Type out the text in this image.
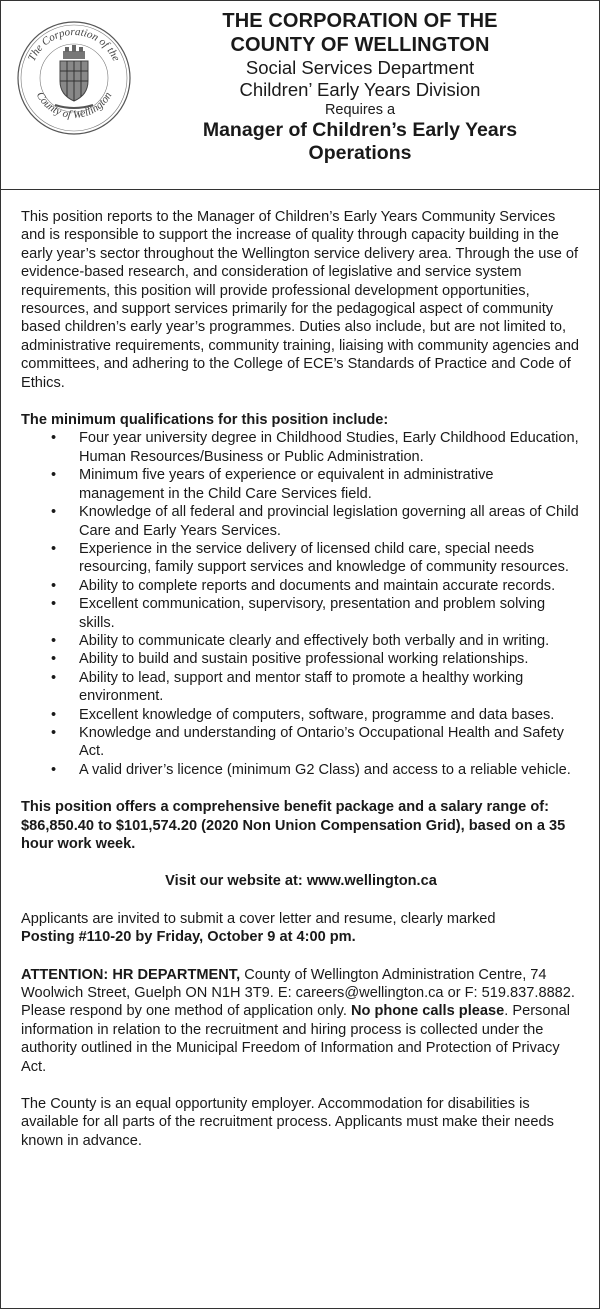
The Corporation of the
County of Wellington
THE CORPORATION OF THE
COUNTY OF WELLINGTON
Social Services Department
Children’ Early Years Division
Requires a
Manager of Children’s Early Years
Operations

This position reports to the Manager of Children’s Early Years Community Services and is responsible to support the increase of quality through capacity building in the early year’s sector throughout the Wellington service delivery area. Through the use of evidence-based research, and consideration of legislative and service system requirements, this position will provide professional development opportunities, resources, and support services primarily for the pedagogical aspect of community based children’s early year’s programmes. Duties also include, but are not limited to, administrative requirements, community training, liaising with community agencies and committees, and adhering to the College of ECE’s Standards of Practice and Code of Ethics.

The minimum qualifications for this position include:

• Four year university degree in Childhood Studies, Early Childhood Education, Human Resources/Business or Public Administration.
• Minimum five years of experience or equivalent in administrative management in the Child Care Services field.
• Knowledge of all federal and provincial legislation governing all areas of Child Care and Early Years Services.
• Experience in the service delivery of licensed child care, special needs resourcing, family support services and knowledge of community resources.
• Ability to complete reports and documents and maintain accurate records.
• Excellent communication, supervisory, presentation and problem solving skills.
• Ability to communicate clearly and effectively both verbally and in writing.
• Ability to build and sustain positive professional working relationships.
• Ability to lead, support and mentor staff to promote a healthy working environment.
• Excellent knowledge of computers, software, programme and data bases.
• Knowledge and understanding of Ontario’s Occupational Health and Safety Act.
• A valid driver’s licence (minimum G2 Class) and access to a reliable vehicle.

This position offers a comprehensive benefit package and a salary range of: $86,850.40 to $101,574.20 (2020 Non Union Compensation Grid), based on a 35 hour work week.

Visit our website at: www.wellington.ca

Applicants are invited to submit a cover letter and resume, clearly marked
Posting #110-20 by Friday, October 9 at 4:00 pm.

ATTENTION: HR DEPARTMENT, County of Wellington Administration Centre, 74 Woolwich Street, Guelph ON N1H 3T9. E: careers@wellington.ca or F: 519.837.8882. Please respond by one method of application only. No phone calls please. Personal information in relation to the recruitment and hiring process is collected under the authority outlined in the Municipal Freedom of Information and Protection of Privacy Act.

The County is an equal opportunity employer. Accommodation for disabilities is available for all parts of the recruitment process. Applicants must make their needs known in advance.
